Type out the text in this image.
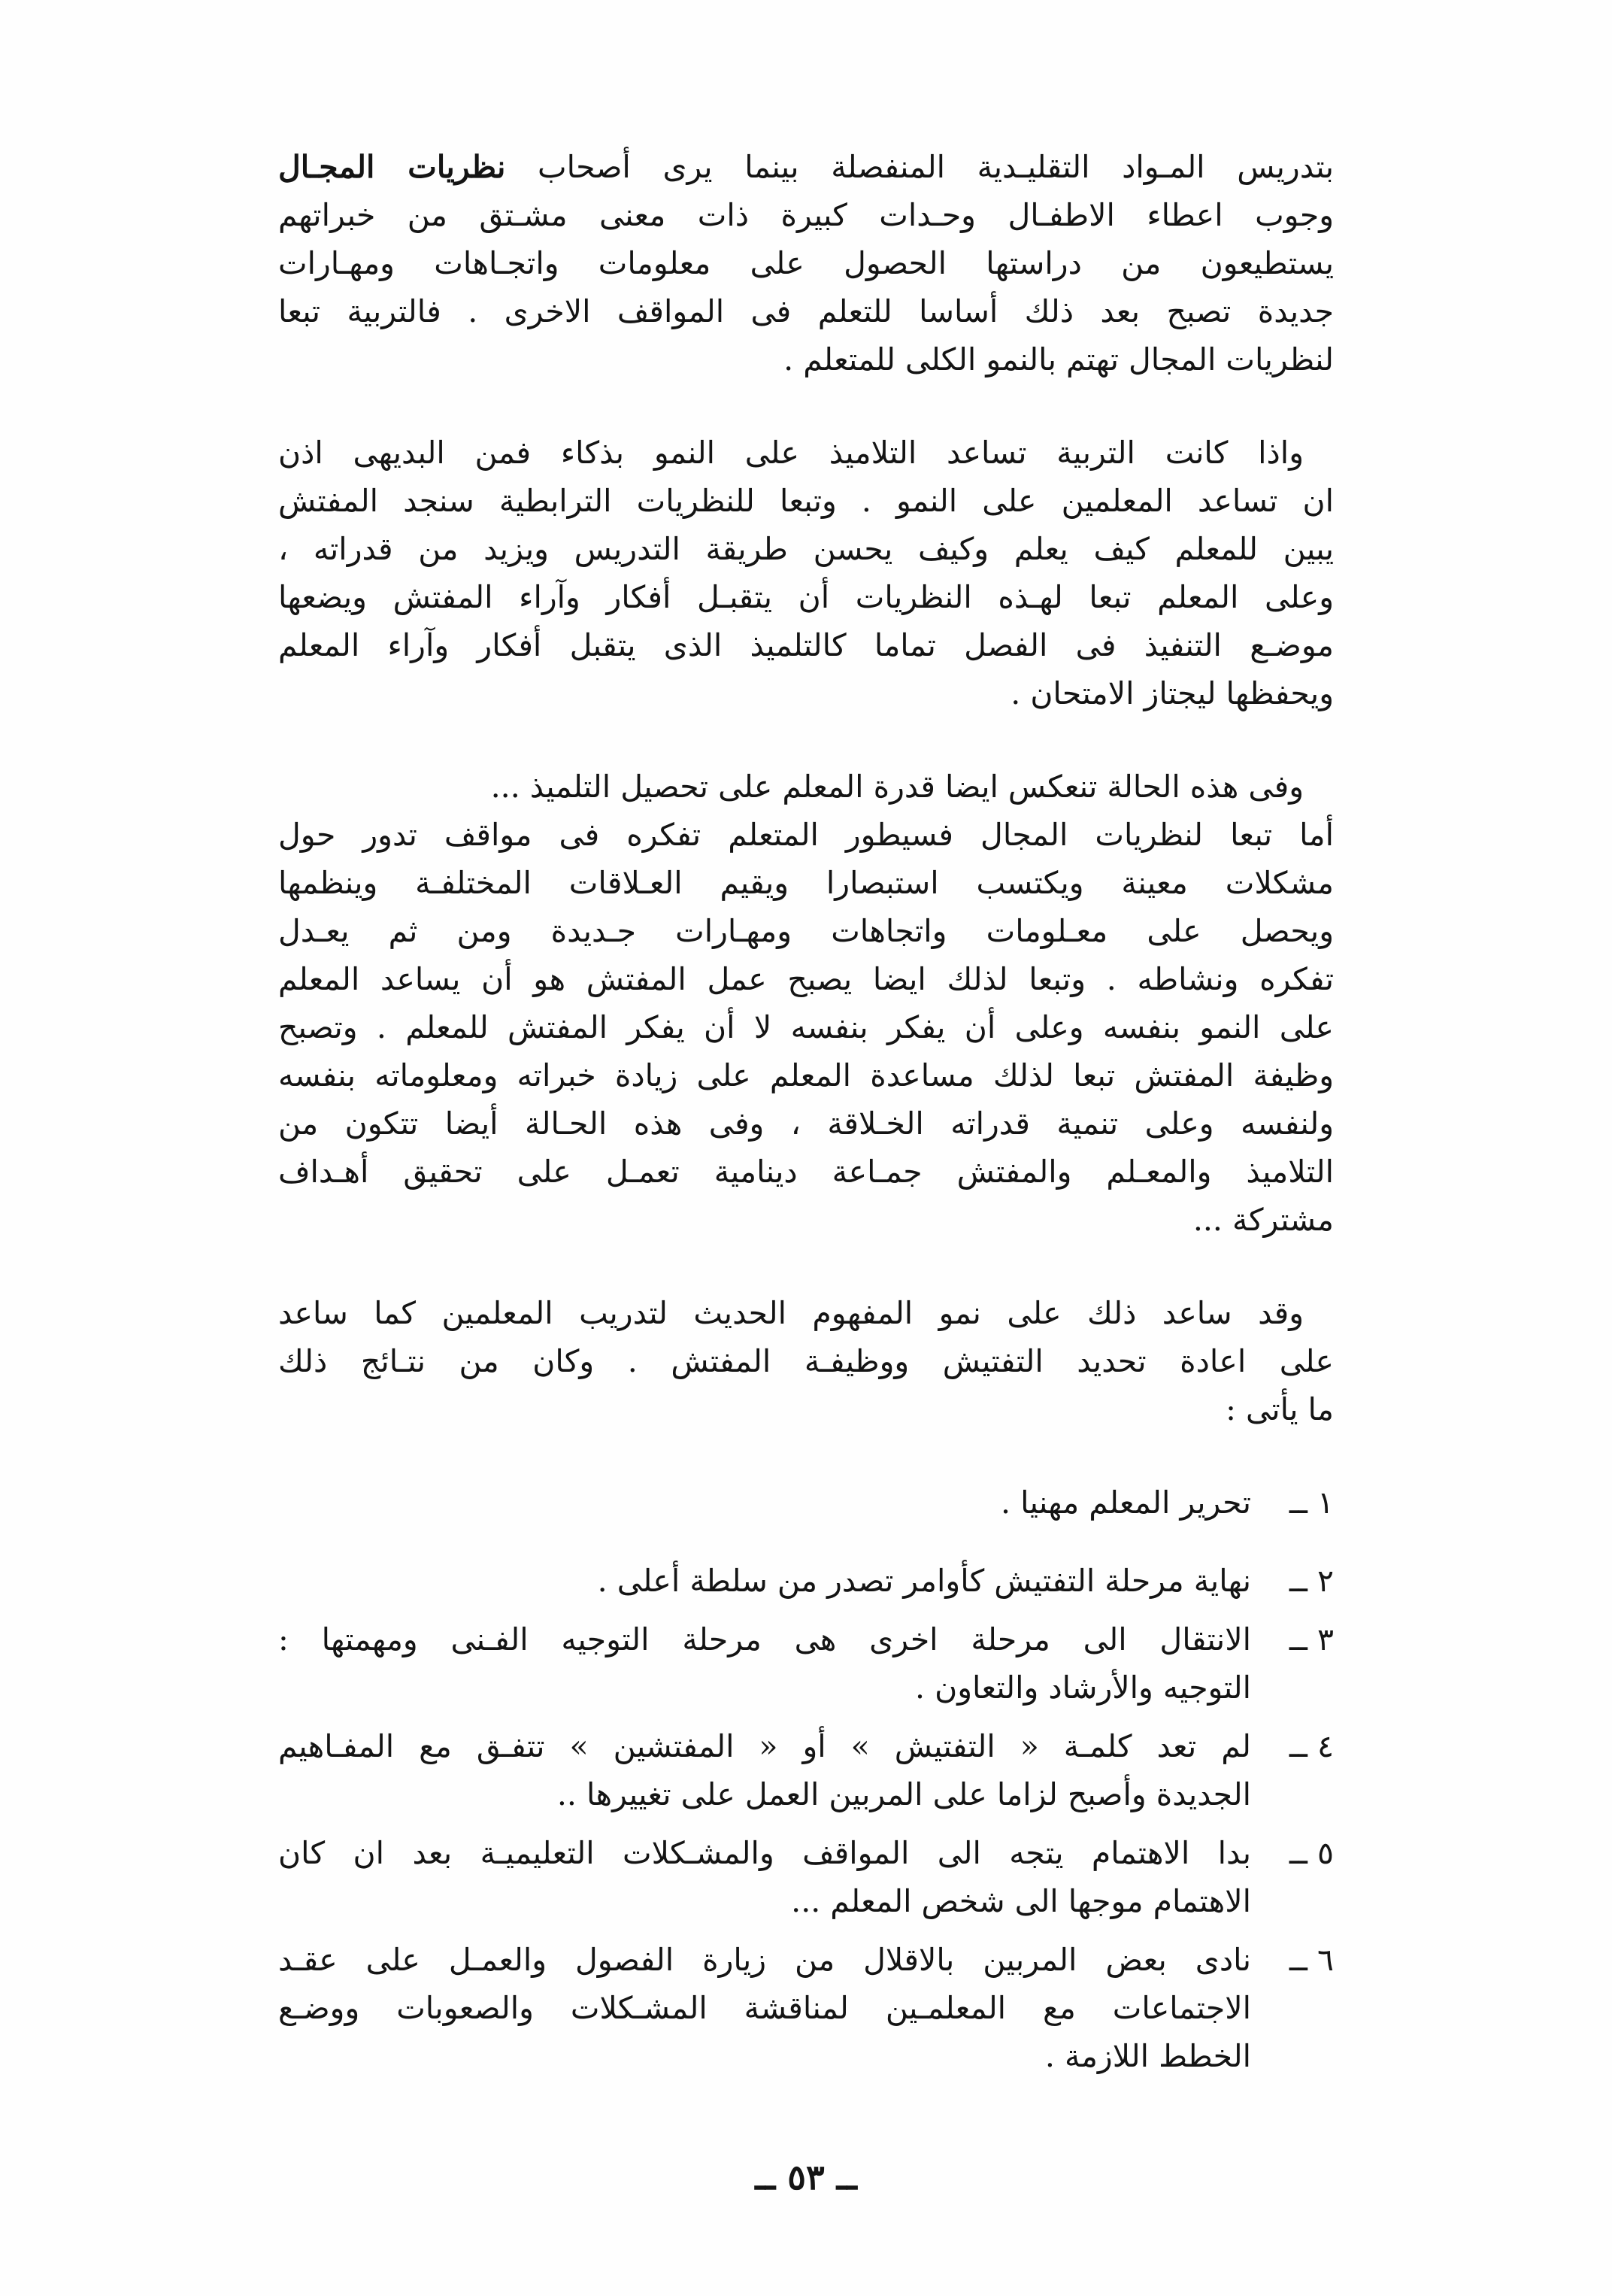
بتدريس المـواد التقليـدية المنفصلة بينما يرى أصحاب نظريات المجـال
وجوب اعطاء الاطفـال وحـدات كبيرة ذات معنى مشـتق من خبراتهم
يستطيعون من دراستها الحصول على معلومات واتجـاهات ومهـارات
جديدة تصبح بعد ذلك أساسا للتعلم فى المواقف الاخرى . فالتربية تبعا
لنظريات المجال تهتم بالنمو الكلى للمتعلم .
واذا كانت التربية تساعد التلاميذ على النمو بذكاء فمن البديهى اذن
ان تساعد المعلمين على النمو . وتبعا للنظريات الترابطية سنجد المفتش
يبين للمعلم كيف يعلم وكيف يحسن طريقة التدريس ويزيد من قدراته ،
وعلى المعلم تبعا لهـذه النظريات أن يتقبـل أفكار وآراء المفتش ويضعها
موضـع التنفيذ فى الفصل تماما كالتلميذ الذى يتقبل أفكار وآراء المعلم
ويحفظها ليجتاز الامتحان .
وفى هذه الحالة تنعكس ايضا قدرة المعلم على تحصيل التلميذ ...
أما تبعا لنظريات المجال فسيطور المتعلم تفكره فى مواقف تدور حول
مشكلات معينة ويكتسب استبصارا ويقيم العـلاقات المختلفـة وينظمها
ويحصل على معـلومات واتجاهات ومهـارات جـديدة ومن ثم يعـدل
تفكره ونشاطه . وتبعا لذلك ايضا يصبح عمل المفتش هو أن يساعد المعلم
على النمو بنفسه وعلى أن يفكر بنفسه لا أن يفكر المفتش للمعلم . وتصبح
وظيفة المفتش تبعا لذلك مساعدة المعلم على زيادة خبراته ومعلوماته بنفسه
ولنفسه وعلى تنمية قدراته الخـلاقة ، وفى هذه الحـالة أيضا تتكون من
التلاميذ والمعـلم والمفتش جمـاعة دينامية تعمـل على تحقيق أهـداف
مشتركة ...
وقد ساعد ذلك على نمو المفهوم الحديث لتدريب المعلمين كما ساعد
على اعادة تحديد التفتيش ووظيفـة المفتش . وكان من نتـائج ذلك
ما يأتى :
١ ــ
تحرير المعلم مهنيا .
٢ ــ
نهاية مرحلة التفتيش كأوامر تصدر من سلطة أعلى .
٣ ــ
الانتقال الى مرحلة اخرى هى مرحلة التوجيه الفـنى ومهمتها :
التوجيه والأرشاد والتعاون .
٤ ــ
لم تعد كلمـة « التفتيش » أو « المفتشين » تتفـق مع المفـاهيم
الجديدة وأصبح لزاما على المربين العمل على تغييرها ..
٥ ــ
بدا الاهتمام يتجه الى المواقف والمشـكلات التعليميـة بعد ان كان
الاهتمام موجها الى شخص المعلم ...
٦ ــ
نادى بعض المربين بالاقلال من زيارة الفصول والعمـل على عقـد
الاجتماعات مع المعلمـين لمناقشة المشـكلات والصعوبات ووضـع
الخطط اللازمة .
ــ ٥٣ ــ
